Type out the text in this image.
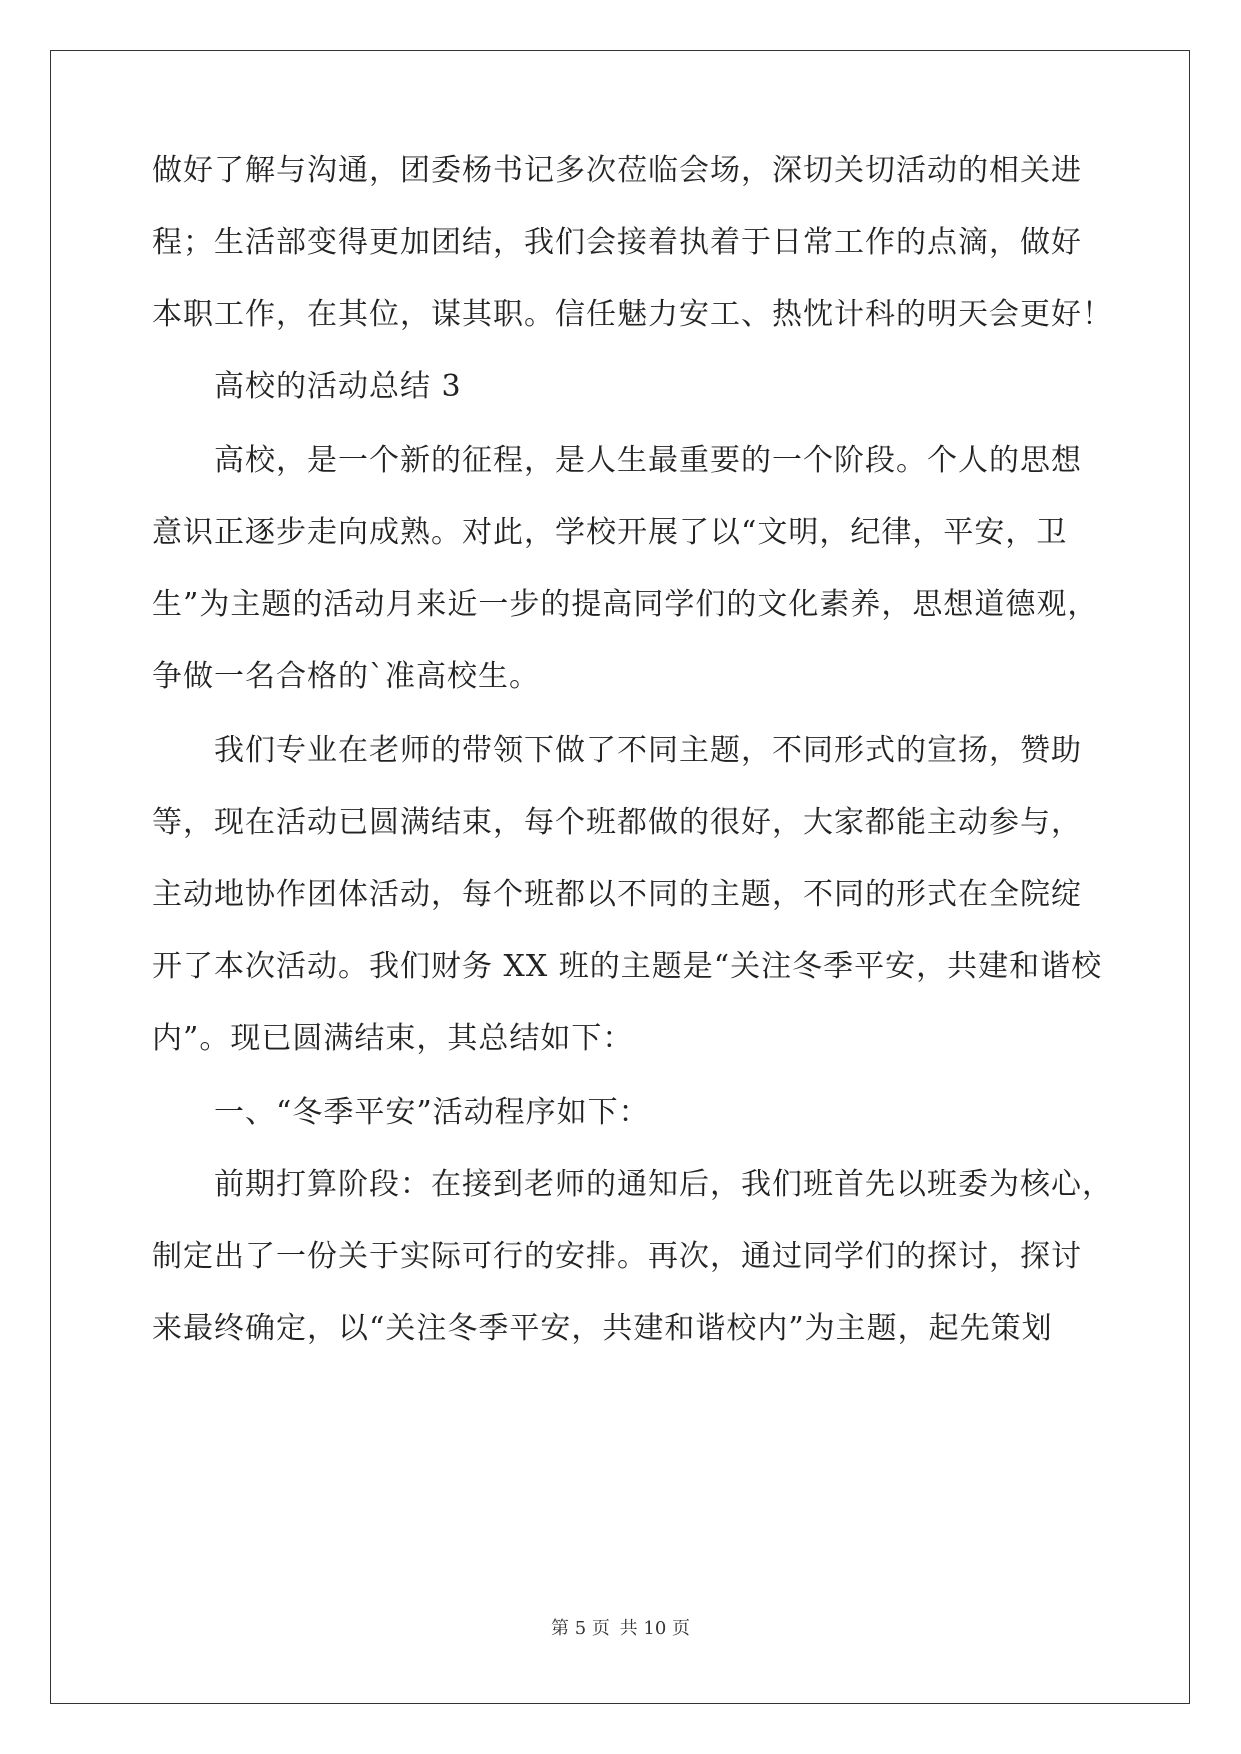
做好了解与沟通，团委杨书记多次莅临会场，深切关切活动的相关进
程；生活部变得更加团结，我们会接着执着于日常工作的点滴，做好
本职工作，在其位，谋其职。信任魅力安工、热忱计科的明天会更好！
高校的活动总结 3
高校，是一个新的征程，是人生最重要的一个阶段。个人的思想
意识正逐步走向成熟。对此，学校开展了以“文明，纪律，平安，卫
生”为主题的活动月来近一步的提高同学们的文化素养，思想道德观，
争做一名合格的`准高校生。
我们专业在老师的带领下做了不同主题，不同形式的宣扬，赞助
等，现在活动已圆满结束，每个班都做的很好，大家都能主动参与，
主动地协作团体活动，每个班都以不同的主题，不同的形式在全院绽
开了本次活动。我们财务 XX 班的主题是“关注冬季平安，共建和谐校
内”。现已圆满结束，其总结如下：
一、“冬季平安”活动程序如下：
前期打算阶段：在接到老师的通知后，我们班首先以班委为核心，
制定出了一份关于实际可行的安排。再次，通过同学们的探讨，探讨
来最终确定，以“关注冬季平安，共建和谐校内”为主题，起先策划
第 5 页 共 10 页
